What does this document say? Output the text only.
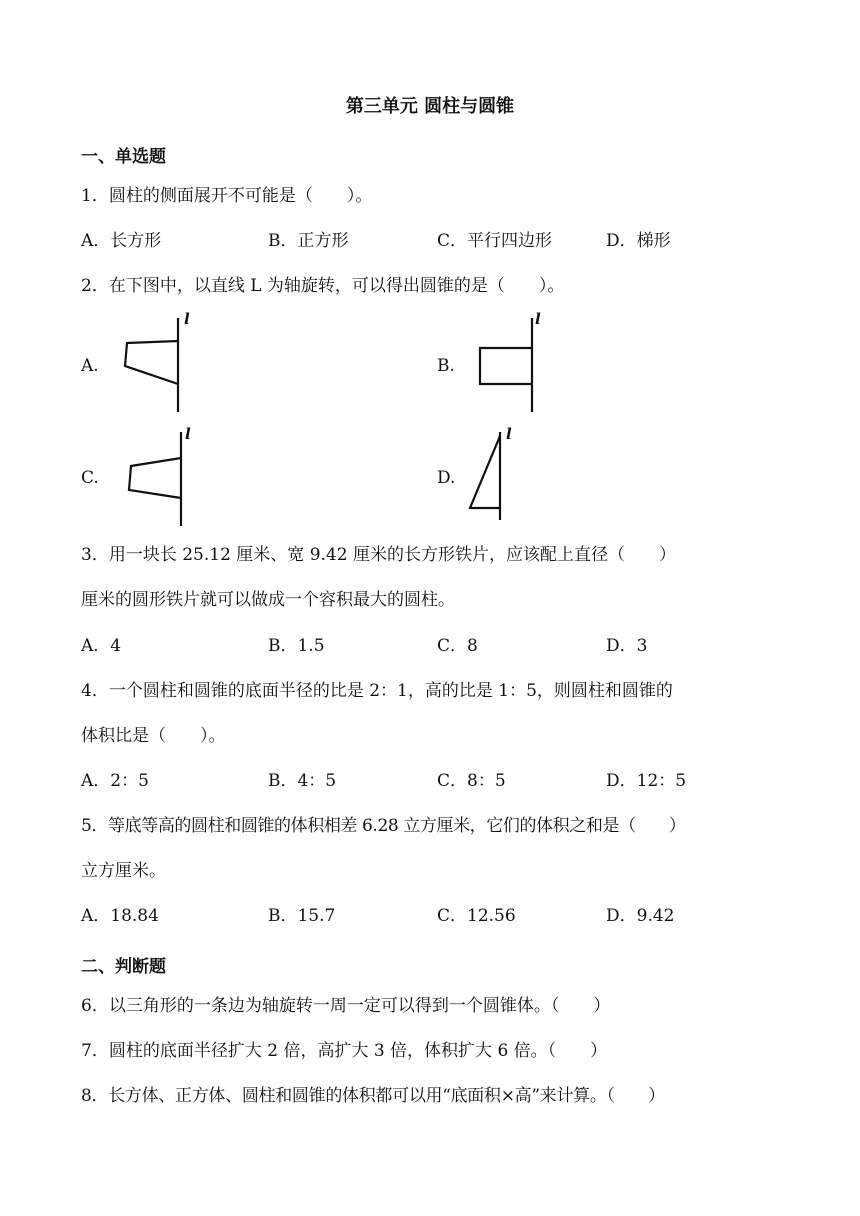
第三单元 圆柱与圆锥
一、单选题
1．圆柱的侧面展开不可能是（　　）。
A．长方形	B．正方形	C．平行四边形	D．梯形
2．在下图中，以直线 L 为轴旋转，可以得出圆锥的是（　　）。
A.
l
B.
l
C.
l
D.
l
3．用一块长 25.12 厘米、宽 9.42 厘米的长方形铁片，应该配上直径（　　）
厘米的圆形铁片就可以做成一个容积最大的圆柱。
A．4	B．1.5	C．8	D．3
4．一个圆柱和圆锥的底面半径的比是 2：1，高的比是 1：5，则圆柱和圆锥的
体积比是（　　）。
A．2：5	B．4：5	C．8：5	D．12：5
5．等底等高的圆柱和圆锥的体积相差 6.28 立方厘米，它们的体积之和是（　　）
立方厘米。
A．18.84	B．15.7	C．12.56	D．9.42
二、判断题
6．以三角形的一条边为轴旋转一周一定可以得到一个圆锥体。（　　）
7．圆柱的底面半径扩大 2 倍，高扩大 3 倍，体积扩大 6 倍。（　　）
8．长方体、正方体、圆柱和圆锥的体积都可以用“底面积×高”来计算。（　　）
